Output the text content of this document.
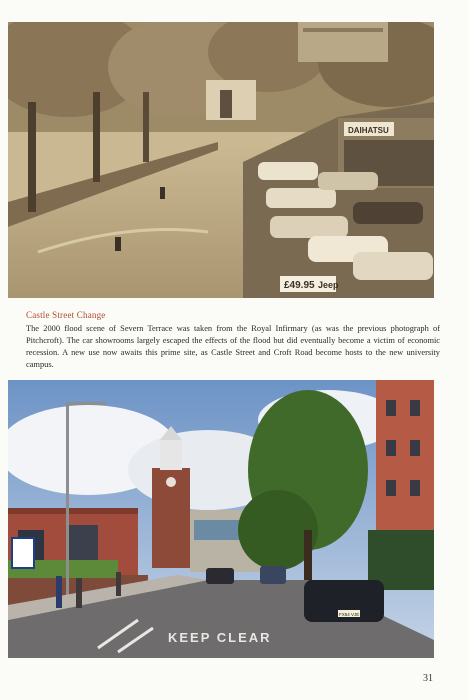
DAIHATSU
£49.95 Jeep
Castle Street Change
The 2000 flood scene of Severn Terrace was taken from the Royal Infirmary (as was the previous photograph of Pitchcroft). The car showrooms largely escaped the effects of the flood but did eventually become a victim of economic recession. A new use now awaits this prime site, as Castle Street and Croft Road become hosts to the new university campus.
FX54 VJE
KEEP CLEAR
31
